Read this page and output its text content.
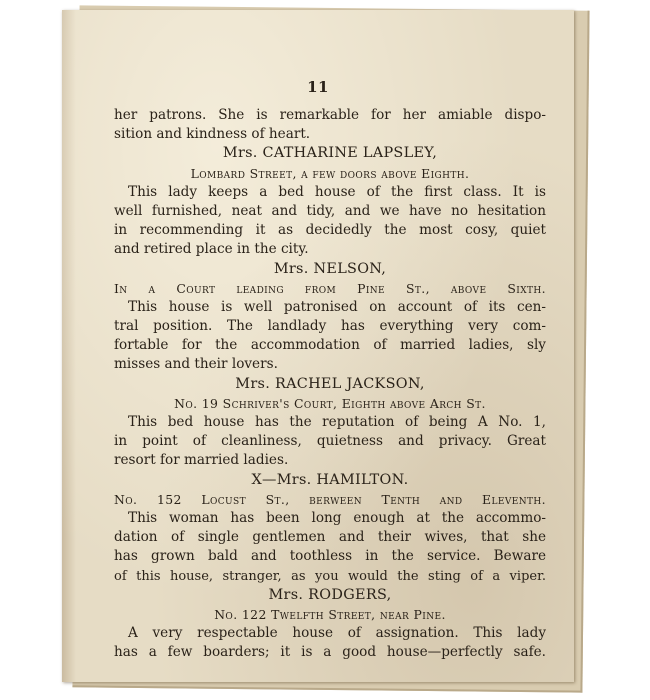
11
her patrons. She is remarkable for her amiable dispo-
sition and kindness of heart.
Mrs. CATHARINE LAPSLEY,
Lombard Street, a few doors above Eighth.
This lady keeps a bed house of the first class. It is
well furnished, neat and tidy, and we have no hesitation
in recommending it as decidedly the most cosy, quiet
and retired place in the city.
Mrs. NELSON,
In a Court leading from Pine St., above Sixth.
This house is well patronised on account of its cen-
tral position. The landlady has everything very com-
fortable for the accommodation of married ladies, sly
misses and their lovers.
Mrs. RACHEL JACKSON,
No. 19 Schriver's Court, Eighth above Arch St.
This bed house has the reputation of being A No. 1,
in point of cleanliness, quietness and privacy. Great
resort for married ladies.
X—Mrs. HAMILTON.
No. 152 Locust St., berween Tenth and Eleventh.
This woman has been long enough at the accommo-
dation of single gentlemen and their wives, that she
has grown bald and toothless in the service. Beware
of this house, stranger, as you would the sting of a viper.
Mrs. RODGERS,
No. 122 Twelfth Street, near Pine.
A very respectable house of assignation. This lady
has a few boarders; it is a good house—perfectly safe.
